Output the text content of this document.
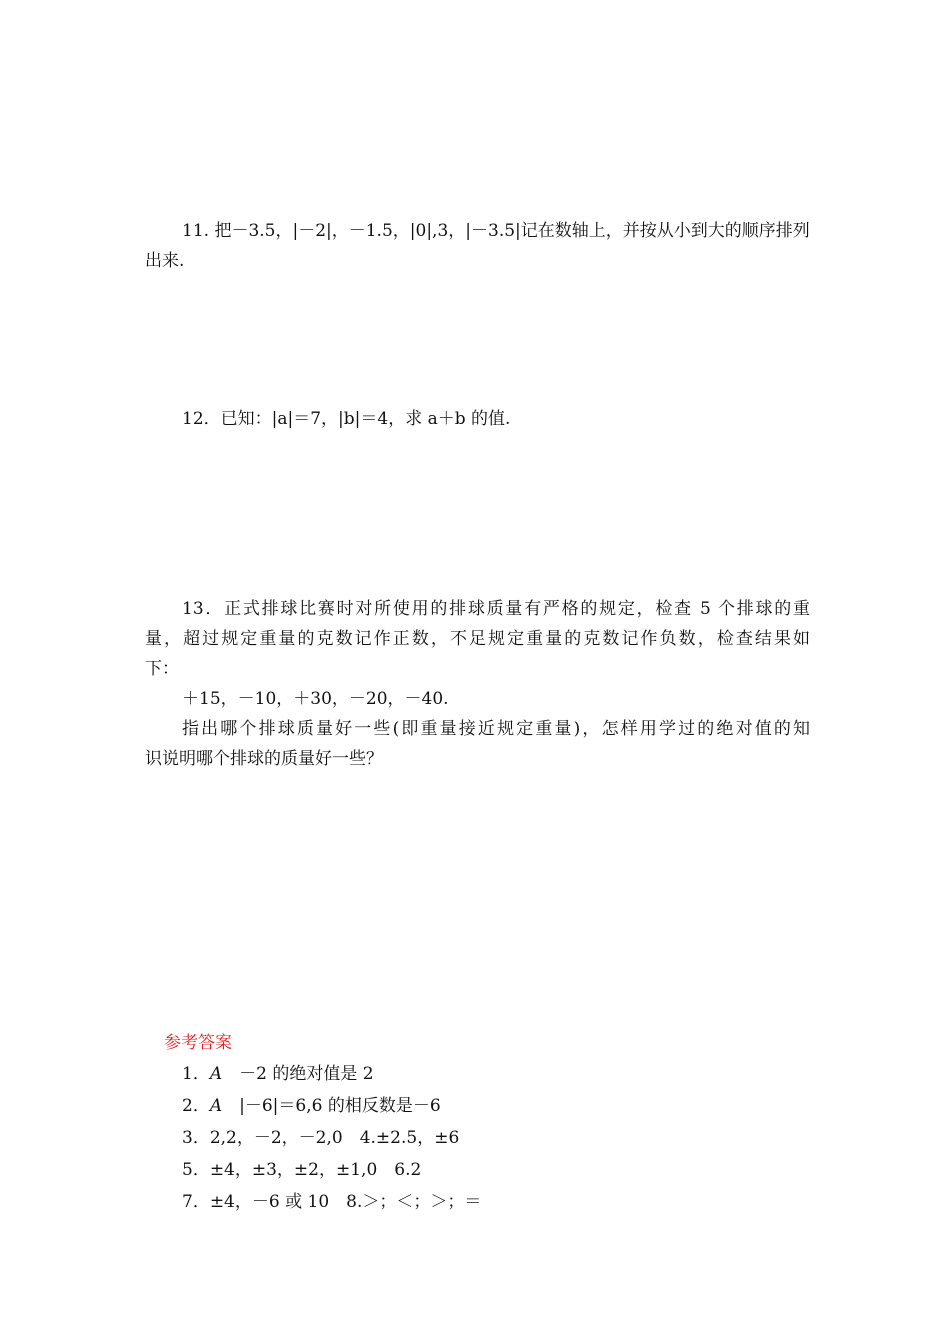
11. 把－3.5，|－2|，－1.5，|0|,3，|－3.5|记在数轴上，并按从小到大的顺序排列
出来.
12．已知：|a|＝7，|b|＝4，求 a＋b 的值.
13．正式排球比赛时对所使用的排球质量有严格的规定，检查 5 个排球的重
量，超过规定重量的克数记作正数，不足规定重量的克数记作负数，检查结果如
下：
＋15，－10，＋30，－20，－40.
指出哪个排球质量好一些(即重量接近规定重量)，怎样用学过的绝对值的知
识说明哪个排球的质量好一些？
参考答案
1．A　 －2 的绝对值是 2
2．A　 |－6|＝6,6 的相反数是－6
3．2,2，－2，－2,0　4.±2.5，±6
5．±4，±3，±2，±1,0　6.2
7．±4，－6 或 10　8.＞；＜；＞；＝
